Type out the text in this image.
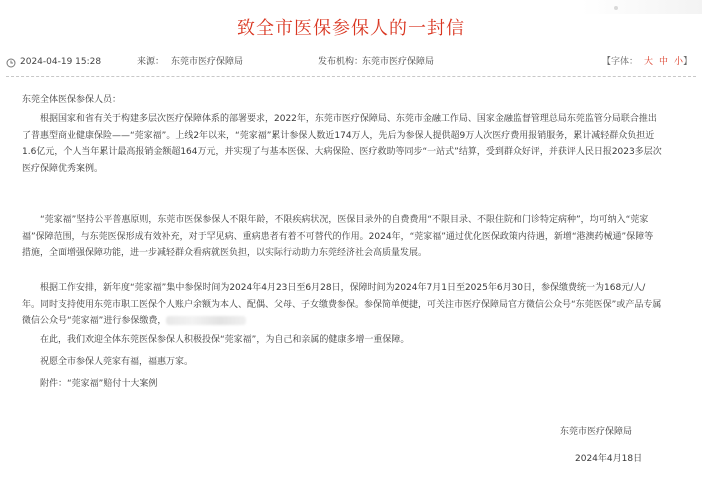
致全市医保参保人的一封信
2024-04-19 15:28	来源： 东莞市医疗保障局	发布机构：
东莞市医疗保障局	【字体： 大 中 小】

东莞全体医保参保人员：

根据国家和省有关于构建多层次医疗保障体系的部署要求，2022年，东莞市医疗保障局、东莞市金融工作局、国家金融监督管理总局东莞监管分局联合推出了普惠型商业健康保险——“莞家福”。上线2年以来，“莞家福”累计参保人数近174万人，先后为参保人提供超9万人次医疗费用报销服务，累计减轻群众负担近1.6亿元，个人当年累计最高报销金额超164万元，并实现了与基本医保、大病保险、医疗救助等同步“一站式”结算，受到群众好评，并获评人民日报2023多层次医疗保障优秀案例。

“莞家福”坚持公平普惠原则，东莞市医保参保人不限年龄，不限疾病状况，医保目录外的自费费用“不限目录、不限住院和门诊特定病种”，均可纳入“莞家福”保障范围，与东莞医保形成有效补充，对于罕见病、重病患者有着不可替代的作用。2024年，“莞家福”通过优化医保政策内待遇，新增“港澳药械通”保障等措施，全面增强保障功能，进一步减轻群众看病就医负担，以实际行动助力东莞经济社会高质量发展。

根据工作安排，新年度“莞家福”集中参保时间为2024年4月23日至6月28日，保障时间为2024年7月1日至2025年6月30日，参保缴费统一为168元/人/年。同时支持使用东莞市职工医保个人账户余额为本人、配偶、父母、子女缴费参保。参保简单便捷，可关注市医疗保障局官方微信公众号“东莞医保”或产品专属微信公众号“莞家福”进行参保缴费，

在此，我们欢迎全体东莞医保参保人积极投保“莞家福”，为自己和亲属的健康多增一重保障。

祝愿全市参保人莞家有福，福惠万家。

附件：“莞家福”赔付十大案例

东莞市医疗保障局
2024年4月18日
